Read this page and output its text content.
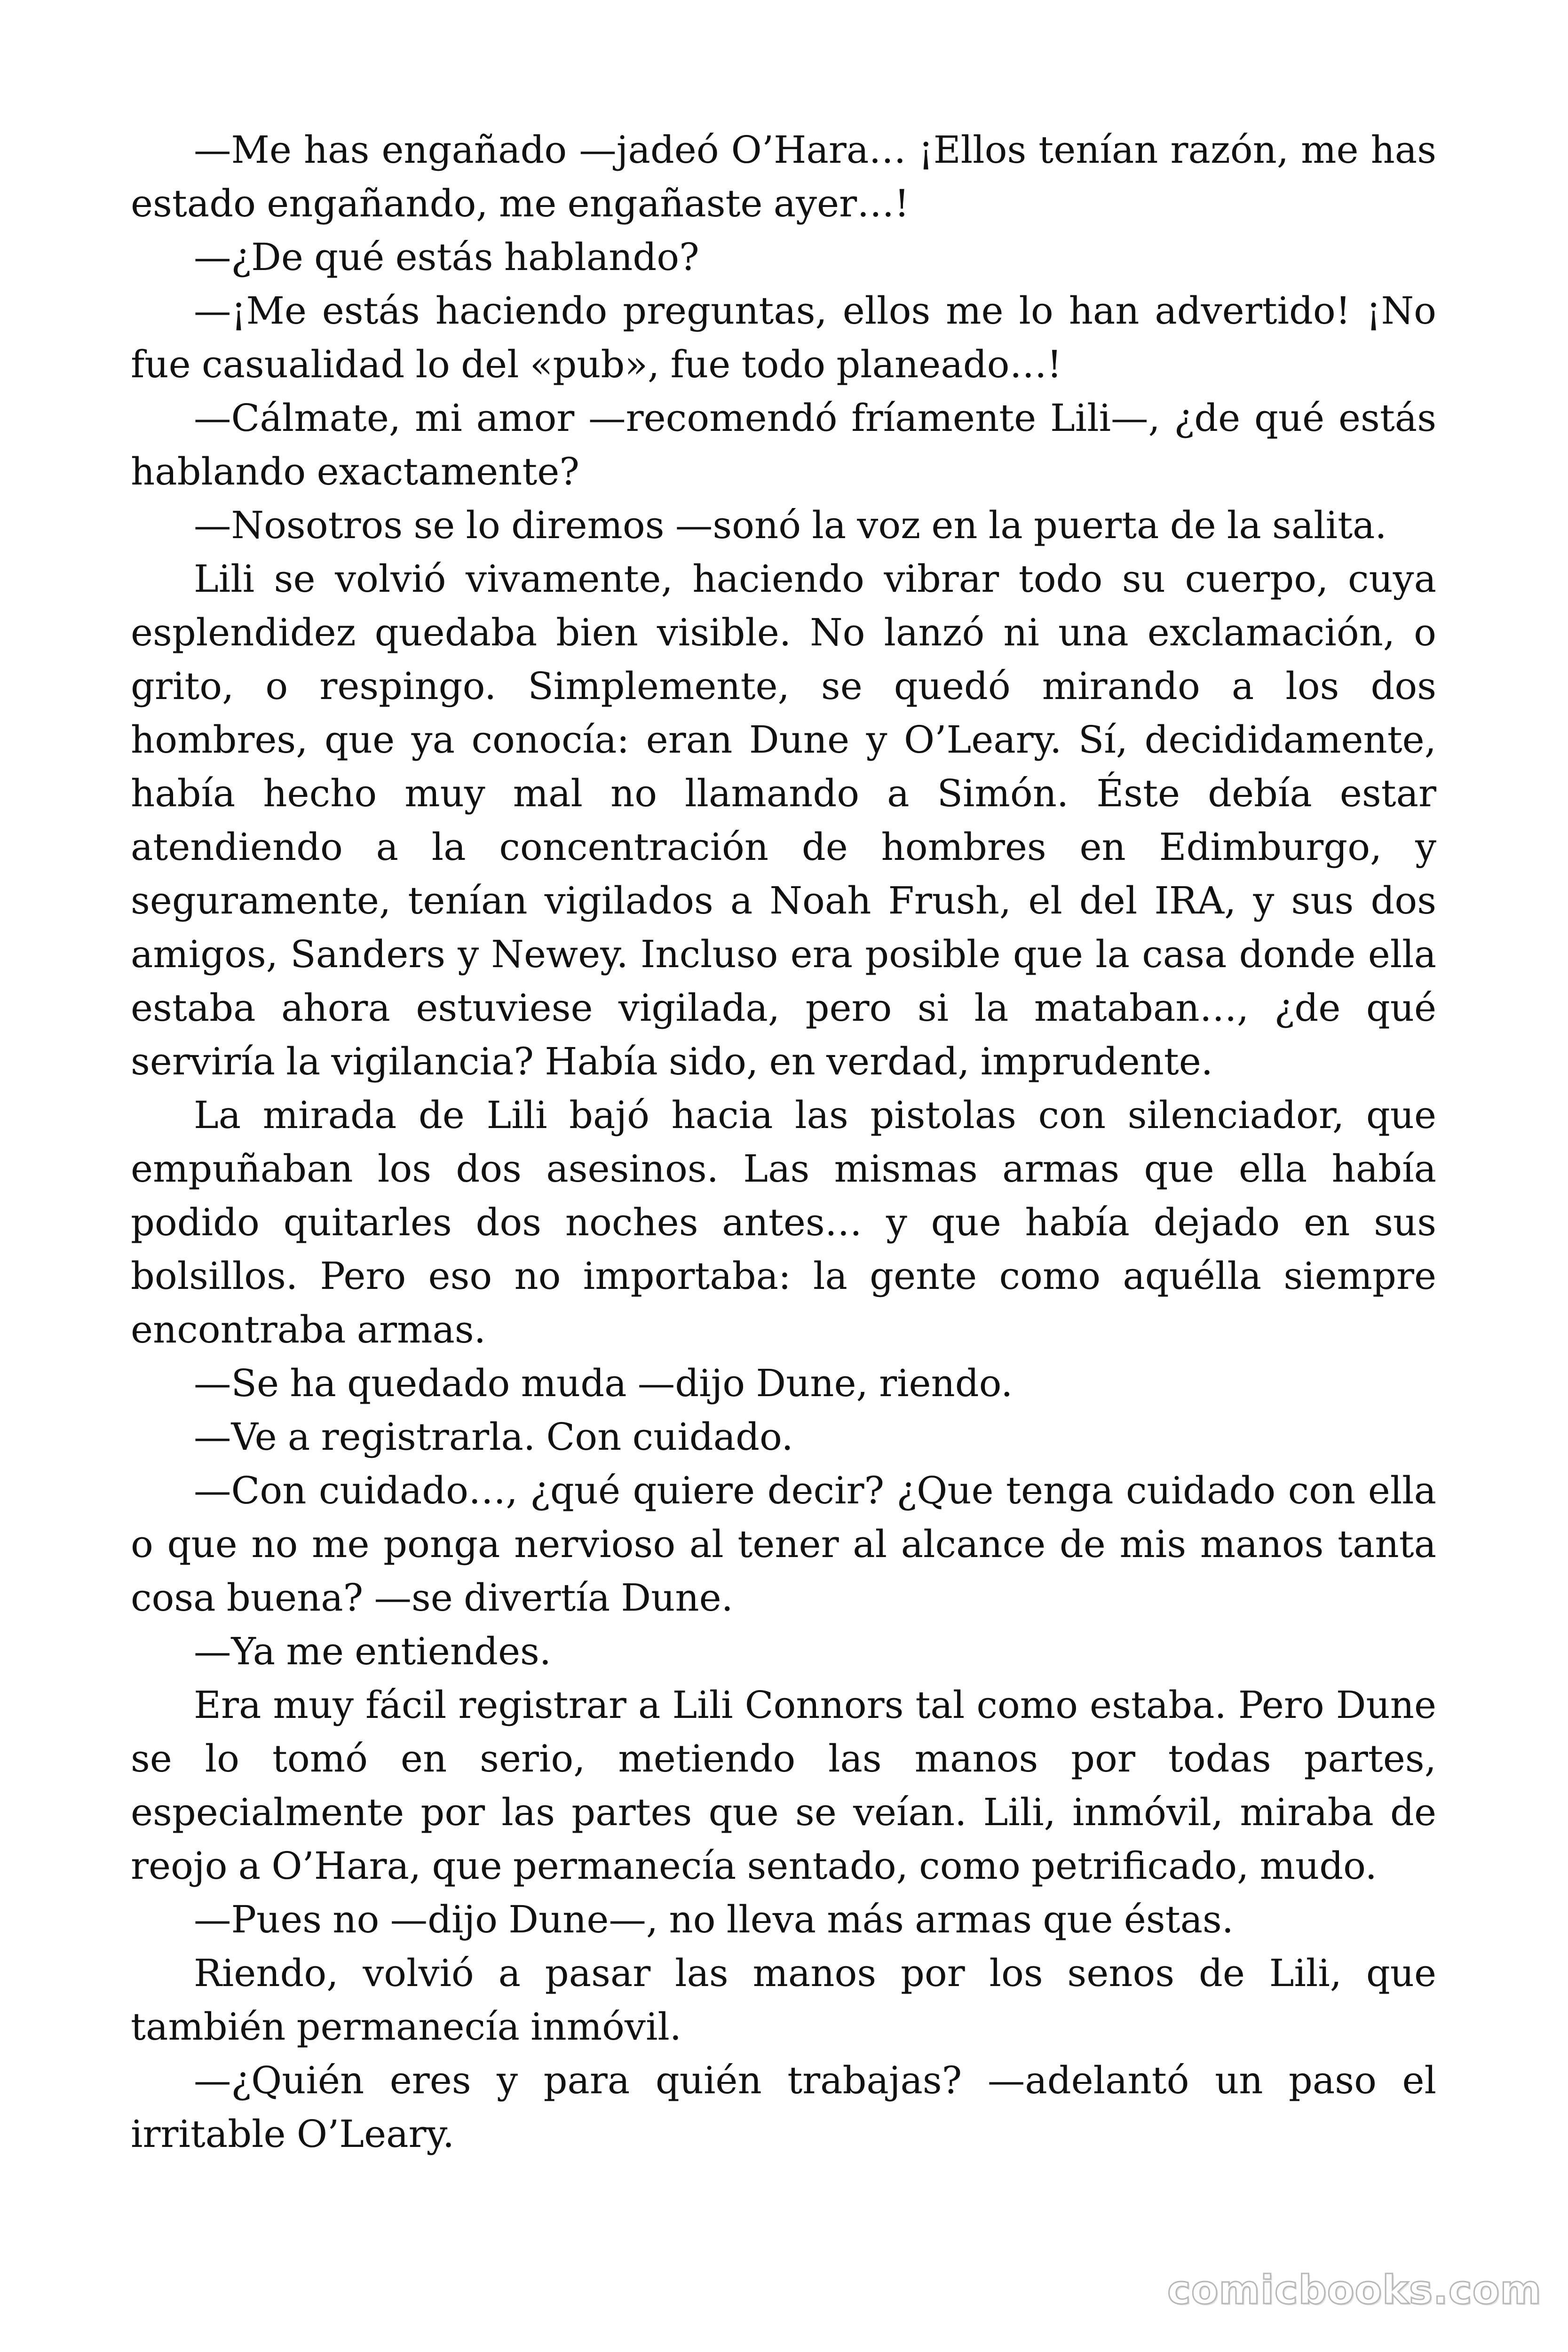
—Me has engañado —jadeó O’Hara… ¡Ellos tenían razón, me has estado engañando, me engañaste ayer…!

—¿De qué estás hablando?

—¡Me estás haciendo preguntas, ellos me lo han advertido! ¡No fue casualidad lo del «pub», fue todo planeado…!

—Cálmate, mi amor —recomendó fríamente Lili—, ¿de qué estás hablando exactamente?

—Nosotros se lo diremos —sonó la voz en la puerta de la salita.

Lili se volvió vivamente, haciendo vibrar todo su cuerpo, cuya esplendidez quedaba bien visible. No lanzó ni una exclamación, o grito, o respingo. Simplemente, se quedó mirando a los dos hombres, que ya conocía: eran Dune y O’Leary. Sí, decididamente, había hecho muy mal no llamando a Simón. Éste debía estar atendiendo a la concentración de hombres en Edimburgo, y seguramente, tenían vigilados a Noah Frush, el del IRA, y sus dos amigos, Sanders y Newey. Incluso era posible que la casa donde ella estaba ahora estuviese vigilada, pero si la mataban…, ¿de qué serviría la vigilancia? Había sido, en verdad, imprudente.

La mirada de Lili bajó hacia las pistolas con silenciador, que empuñaban los dos asesinos. Las mismas armas que ella había podido quitarles dos noches antes… y que había dejado en sus bolsillos. Pero eso no importaba: la gente como aquélla siempre encontraba armas.

—Se ha quedado muda —dijo Dune, riendo.

—Ve a registrarla. Con cuidado.

—Con cuidado…, ¿qué quiere decir? ¿Que tenga cuidado con ella o que no me ponga nervioso al tener al alcance de mis manos tanta cosa buena? —se divertía Dune.

—Ya me entiendes.

Era muy fácil registrar a Lili Connors tal como estaba. Pero Dune se lo tomó en serio, metiendo las manos por todas partes, especialmente por las partes que se veían. Lili, inmóvil, miraba de reojo a O’Hara, que permanecía sentado, como petrificado, mudo.

—Pues no —dijo Dune—, no lleva más armas que éstas.

Riendo, volvió a pasar las manos por los senos de Lili, que también permanecía inmóvil.

—¿Quién eres y para quién trabajas? —adelantó un paso el irritable O’Leary.

comicbooks.com
